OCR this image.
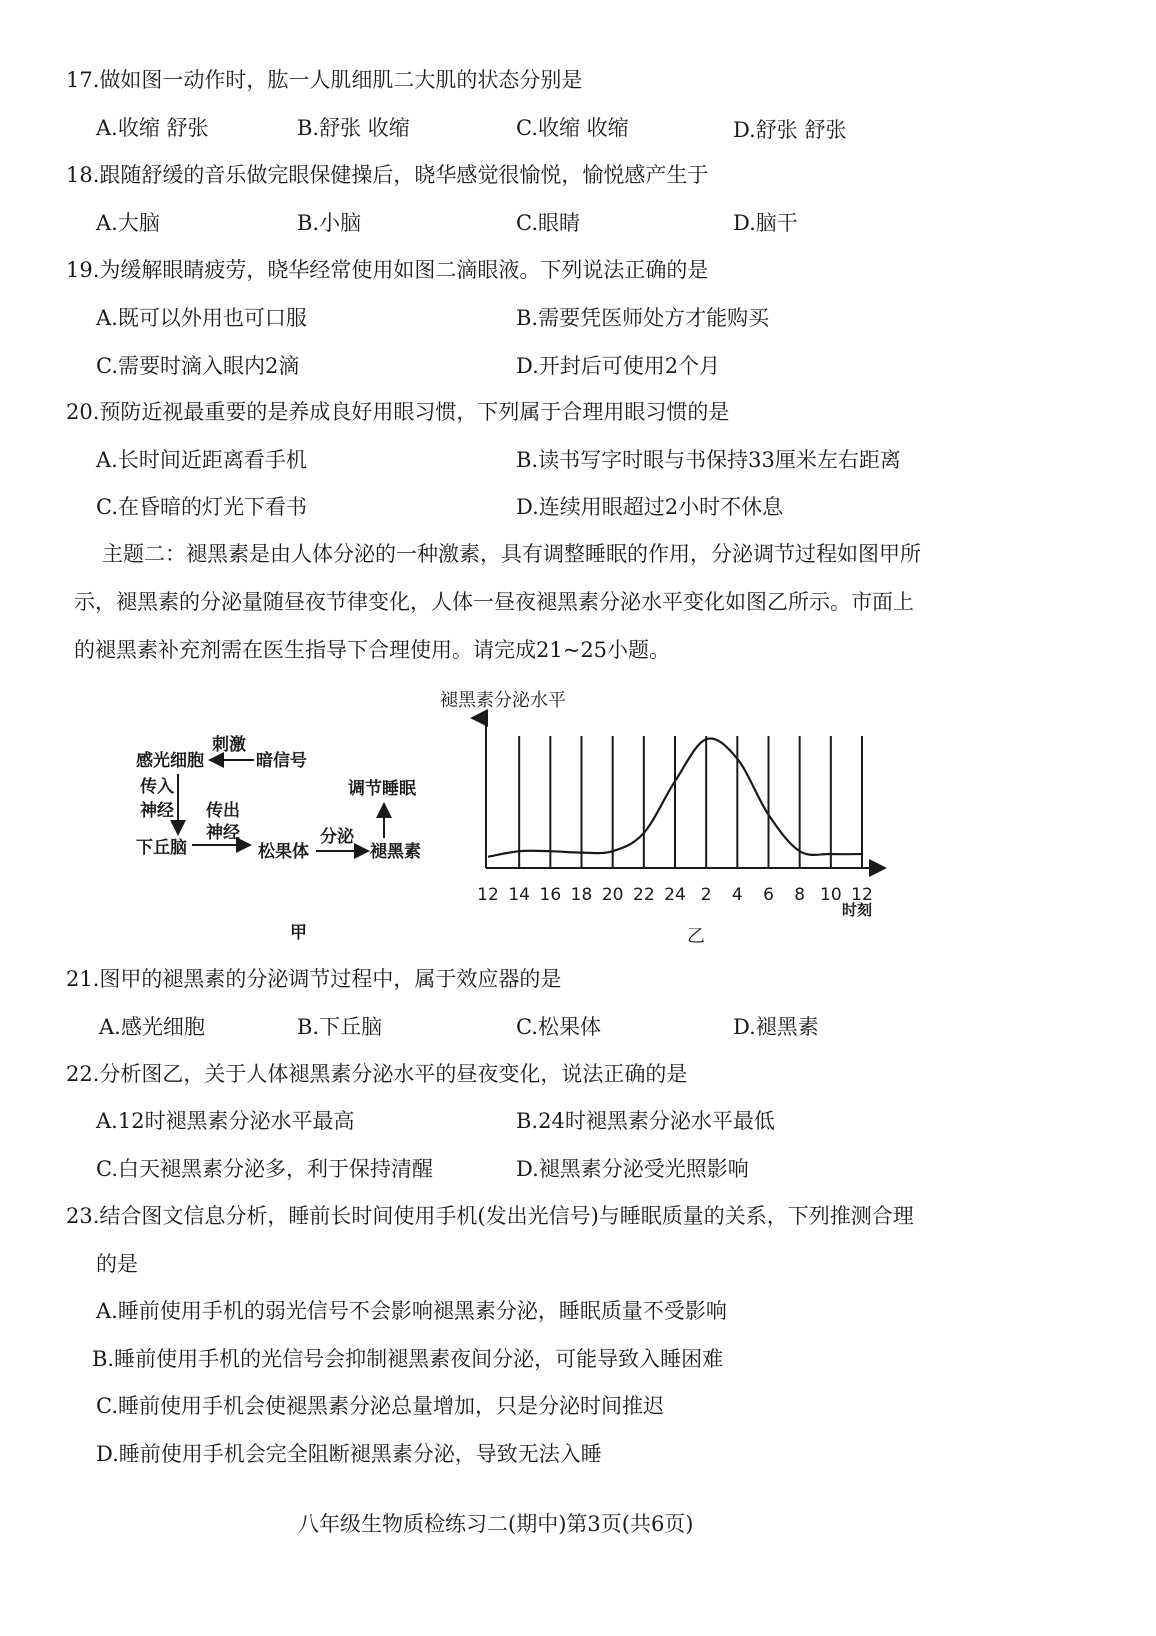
17.做如图一动作时，肱一人肌细肌二大肌的状态分别是
A.收缩 舒张	B.舒张 收缩	C.收缩 收缩	D.舒张 舒张
18.跟随舒缓的音乐做完眼保健操后，晓华感觉很愉悦，愉悦感产生于
A.大脑	B.小脑	C.眼睛	D.脑干
19.为缓解眼睛疲劳，晓华经常使用如图二滴眼液。下列说法正确的是
A.既可以外用也可口服	B.需要凭医师处方才能购买
C.需要时滴入眼内2滴	D.开封后可使用2个月
20.预防近视最重要的是养成良好用眼习惯，下列属于合理用眼习惯的是
A.长时间近距离看手机	B.读书写字时眼与书保持33厘米左右距离
C.在昏暗的灯光下看书	D.连续用眼超过2小时不休息
主题二：褪黑素是由人体分泌的一种激素，具有调整睡眠的作用，分泌调节过程如图甲所
示，褪黑素的分泌量随昼夜节律变化，人体一昼夜褪黑素分泌水平变化如图乙所示。市面上
的褪黑素补充剂需在医生指导下合理使用。请完成21~25小题。
感光细胞	暗信号
刺激
传入
神经
下丘脑
传出
神经
松果体
分泌
褪黑素
调节睡眠
甲
褪黑素分泌水平
12 14 16 18 20 22 24 2 4 6 8 10 12
时刻
乙
21.图甲的褪黑素的分泌调节过程中，属于效应器的是
A.感光细胞	B.下丘脑	C.松果体	D.褪黑素
22.分析图乙，关于人体褪黑素分泌水平的昼夜变化，说法正确的是
A.12时褪黑素分泌水平最高	B.24时褪黑素分泌水平最低
C.白天褪黑素分泌多，利于保持清醒	D.褪黑素分泌受光照影响
23.结合图文信息分析，睡前长时间使用手机(发出光信号)与睡眠质量的关系，下列推测合理
的是
A.睡前使用手机的弱光信号不会影响褪黑素分泌，睡眠质量不受影响
B.睡前使用手机的光信号会抑制褪黑素夜间分泌，可能导致入睡困难
C.睡前使用手机会使褪黑素分泌总量增加，只是分泌时间推迟
D.睡前使用手机会完全阻断褪黑素分泌，导致无法入睡
八年级生物质检练习二(期中)第3页(共6页)
